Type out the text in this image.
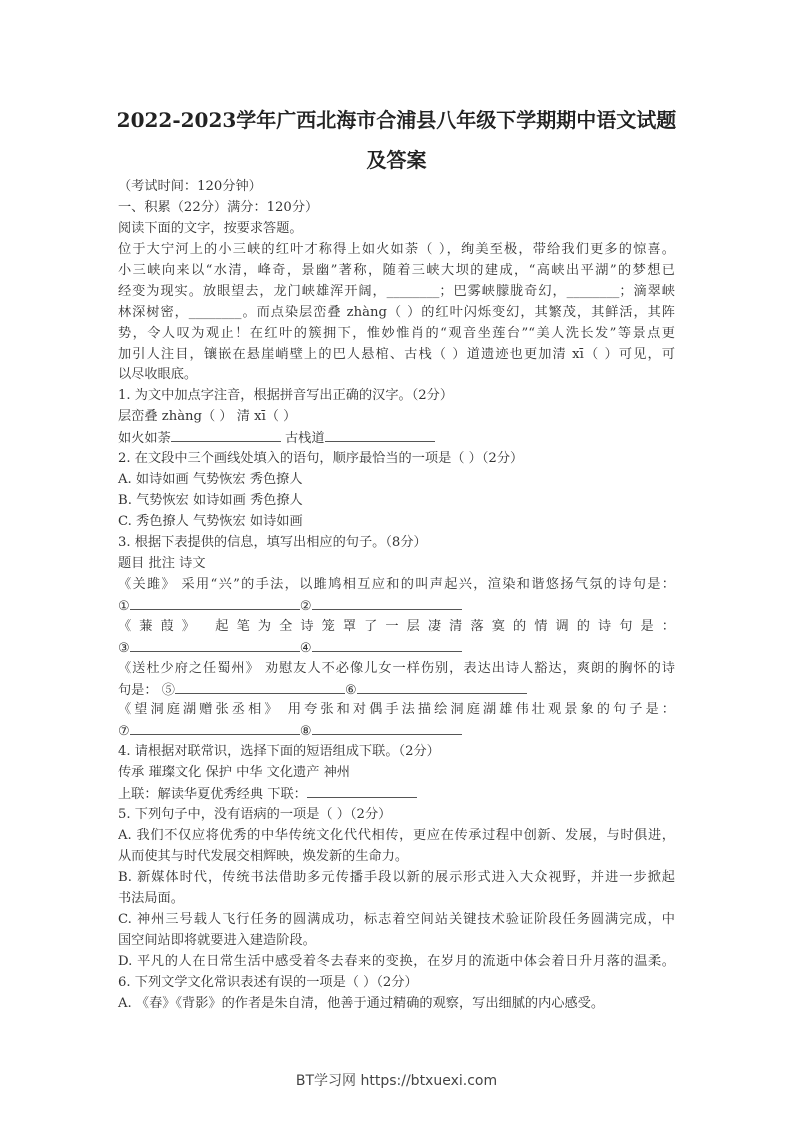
2022-2023学年广西北海市合浦县八年级下学期期中语文试题及答案
（考试时间：120分钟）
一、积累（22分）满分：120分）
阅读下面的文字，按要求答题。
位于大宁河上的小三峡的红叶才称得上如火如荼（ ），绚美至极，带给我们更多的惊喜。
小三峡向来以“水清，峰奇，景幽”著称，随着三峡大坝的建成，“高峡出平湖”的梦想已
经变为现实。放眼望去，龙门峡雄浑开阔，________；巴雾峡朦胧奇幻，________；滴翠峡
林深树密，________。而点染层峦叠 zhàng（ ）的红叶闪烁变幻，其繁茂，其鲜活，其阵
势，令人叹为观止！在红叶的簇拥下，惟妙惟肖的“观音坐莲台”“美人洗长发”等景点更
加引人注目，镶嵌在悬崖峭壁上的巴人悬棺、古栈（ ）道遗迹也更加清 xī（ ）可见，可
以尽收眼底。
1. 为文中加点字注音，根据拼音写出正确的汉字。（2分）
层峦叠 zhàng（ ） 清 xī（ ）
如火如荼	古栈道
2. 在文段中三个画线处填入的语句，顺序最恰当的一项是（ ）（2分）
A. 如诗如画 气势恢宏 秀色撩人
B. 气势恢宏 如诗如画 秀色撩人
C. 秀色撩人 气势恢宏 如诗如画
3. 根据下表提供的信息，填写出相应的句子。（8分）
题目 批注 诗文
《关雎》 采用“兴”的手法，以雎鸠相互应和的叫声起兴，渲染和谐悠扬气氛的诗句是：
①	②
《蒹葭》 起笔为全诗笼罩了一层凄清落寞的情调的诗句是：
③	④
《送杜少府之任蜀州》 劝慰友人不必像儿女一样伤别，表达出诗人豁达，爽朗的胸怀的诗
句是： ⑤	⑥
《望洞庭湖赠张丞相》 用夸张和对偶手法描绘洞庭湖雄伟壮观景象的句子是：
⑦	⑧
4. 请根据对联常识，选择下面的短语组成下联。（2分）
传承 璀璨文化 保护 中华 文化遗产 神州
上联：解读华夏优秀经典 下联：
5. 下列句子中，没有语病的一项是（ ）（2分）
A. 我们不仅应将优秀的中华传统文化代代相传，更应在传承过程中创新、发展，与时俱进，
从而使其与时代发展交相辉映，焕发新的生命力。
B. 新媒体时代，传统书法借助多元传播手段以新的展示形式进入大众视野，并进一步掀起
书法局面。
C. 神州三号载人飞行任务的圆满成功，标志着空间站关键技术验证阶段任务圆满完成，中
国空间站即将就要进入建造阶段。
D. 平凡的人在日常生活中感受着冬去春来的变换，在岁月的流逝中体会着日升月落的温柔。
6. 下列文学文化常识表述有误的一项是（ ）（2分）
A. 《春》《背影》的作者是朱自清，他善于通过精确的观察，写出细腻的内心感受。
BT学习网 https://btxuexi.com
